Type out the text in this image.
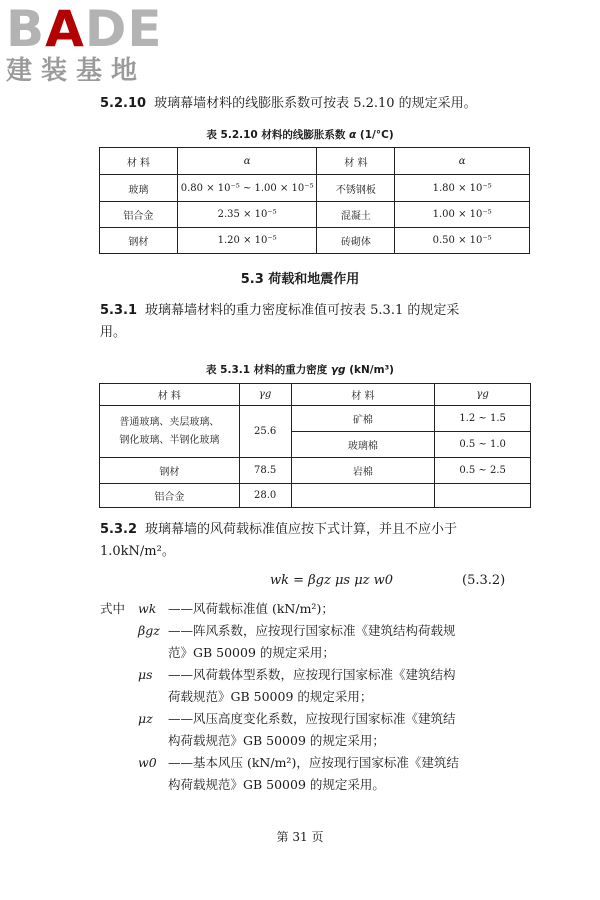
BADE
建装基地
5.2.10 玻璃幕墙材料的线膨胀系数可按表 5.2.10 的规定采用。
表 5.2.10 材料的线膨胀系数 α (1/°C)
材 料	α	材 料	α
玻璃	0.80 × 10⁻⁵ ~ 1.00 × 10⁻⁵	不锈钢板	1.80 × 10⁻⁵
铝合金	2.35 × 10⁻⁵	混凝土	1.00 × 10⁻⁵
钢材	1.20 × 10⁻⁵	砖砌体	0.50 × 10⁻⁵
5.3 荷载和地震作用
5.3.1 玻璃幕墙材料的重力密度标准值可按表 5.3.1 的规定采
用。
表 5.3.1 材料的重力密度 γg (kN/m³)
材 料	γg	材 料	γg

普通玻璃、夹层玻璃、
钢化玻璃、半钢化玻璃	25.6	矿棉	1.2 ~ 1.5
		玻璃棉	0.5 ~ 1.0
钢材	78.5	岩棉	0.5 ~ 2.5
铝合金	28.0		
5.3.2 玻璃幕墙的风荷载标准值应按下式计算，并且不应小于
1.0kN/m²。
wk = βgz μs μz w0	(5.3.2)
式中 wk ——风荷载标准值 (kN/m²)；
βgz ——阵风系数，应按现行国家标准《建筑结构荷载规
范》GB 50009 的规定采用；
μs ——风荷载体型系数，应按现行国家标准《建筑结构
荷载规范》GB 50009 的规定采用；
μz ——风压高度变化系数，应按现行国家标准《建筑结
构荷载规范》GB 50009 的规定采用；
w0 ——基本风压 (kN/m²)，应按现行国家标准《建筑结
构荷载规范》GB 50009 的规定采用。
第 31 页
